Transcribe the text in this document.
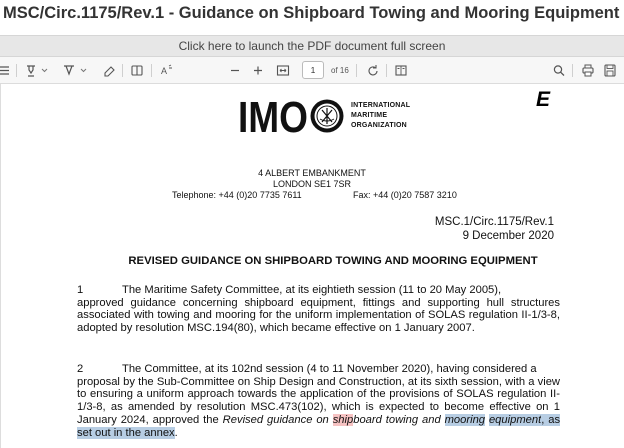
MSC/Circ.1175/Rev.1 - Guidance on Shipboard Towing and Mooring Equipment
Click here to launch the PDF document full screen
A	1	of 16
IMO	INTERNATIONAL
MARITIME
ORGANIZATION
E
4 ALBERT EMBANKMENT
LONDON SE1 7SR
Telephone: +44 (0)20 7735 7611	Fax: +44 (0)20 7587 3210
MSC.1/Circ.1175/Rev.1
9 December 2020
REVISED GUIDANCE ON SHIPBOARD TOWING AND MOORING EQUIPMENT
1	The Maritime Safety Committee, at its eightieth session (11 to 20 May 2005),
approved guidance concerning shipboard equipment, fittings and supporting hull structures associated with towing and mooring for the uniform implementation of SOLAS regulation II-1/3-8, adopted by resolution MSC.194(80), which became effective on 1 January 2007.
2	The Committee, at its 102nd session (4 to 11 November 2020), having considered a
proposal by the Sub-Committee on Ship Design and Construction, at its sixth session, with a view to ensuring a uniform approach towards the application of the provisions of SOLAS regulation II-1/3-8, as amended by resolution MSC.473(102), which is expected to become effective on 1 January 2024, approved the Revised guidance on shipboard towing and mooring equipment, as set out in the annex.
